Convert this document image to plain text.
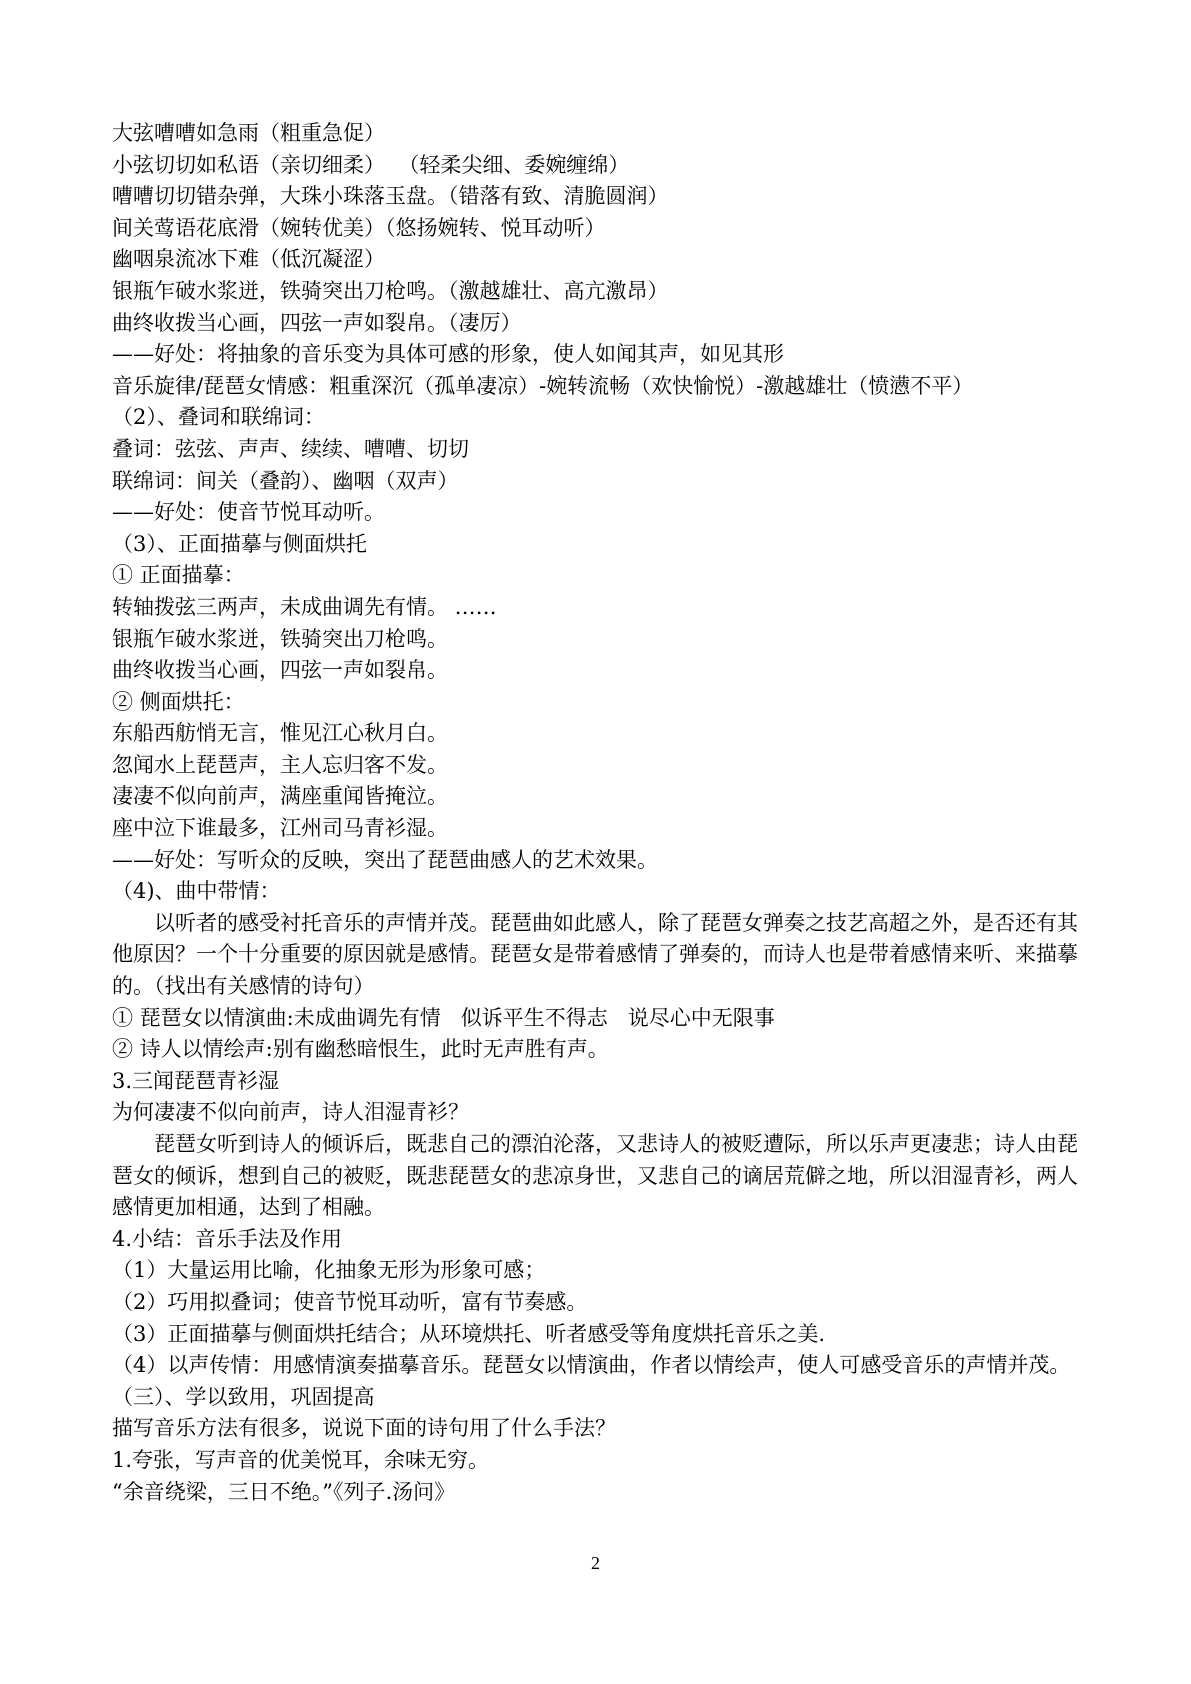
大弦嘈嘈如急雨（粗重急促）
小弦切切如私语（亲切细柔）  （轻柔尖细、委婉缠绵）
嘈嘈切切错杂弹，大珠小珠落玉盘。（错落有致、清脆圆润）
间关莺语花底滑（婉转优美）（悠扬婉转、悦耳动听）
幽咽泉流冰下难（低沉凝涩）
银瓶乍破水浆迸，铁骑突出刀枪鸣。（激越雄壮、高亢激昂）
曲终收拨当心画，四弦一声如裂帛。（凄厉）
——好处：将抽象的音乐变为具体可感的形象，使人如闻其声，如见其形
音乐旋律/琵琶女情感：粗重深沉（孤单凄凉）-婉转流畅（欢快愉悦）-激越雄壮（愤懑不平）
（2）、叠词和联绵词：
叠词：弦弦、声声、续续、嘈嘈、切切
联绵词：间关（叠韵）、幽咽（双声）
——好处：使音节悦耳动听。
（3）、正面描摹与侧面烘托
① 正面描摹：
转轴拨弦三两声，未成曲调先有情。 ……
银瓶乍破水浆迸，铁骑突出刀枪鸣。
曲终收拨当心画，四弦一声如裂帛。
② 侧面烘托：
东船西舫悄无言，惟见江心秋月白。
忽闻水上琵琶声，主人忘归客不发。
凄凄不似向前声，满座重闻皆掩泣。
座中泣下谁最多，江州司马青衫湿。
——好处：写听众的反映，突出了琵琶曲感人的艺术效果。
（4)、曲中带情：
以听者的感受衬托音乐的声情并茂。琵琶曲如此感人，除了琵琶女弹奏之技艺高超之外，是否还有其他原因？一个十分重要的原因就是感情。琵琶女是带着感情了弹奏的，而诗人也是带着感情来听、来描摹的。（找出有关感情的诗句）
① 琵琶女以情演曲:未成曲调先有情   似诉平生不得志   说尽心中无限事
② 诗人以情绘声:别有幽愁暗恨生，此时无声胜有声。
3.三闻琵琶青衫湿
为何凄凄不似向前声，诗人泪湿青衫？
琵琶女听到诗人的倾诉后，既悲自己的漂泊沦落，又悲诗人的被贬遭际，所以乐声更凄悲；诗人由琵琶女的倾诉，想到自己的被贬，既悲琵琶女的悲凉身世，又悲自己的谪居荒僻之地，所以泪湿青衫，两人感情更加相通，达到了相融。
4.小结：音乐手法及作用
（1）大量运用比喻，化抽象无形为形象可感；
（2）巧用拟叠词；使音节悦耳动听，富有节奏感。
（3）正面描摹与侧面烘托结合；从环境烘托、听者感受等角度烘托音乐之美.
（4）以声传情：用感情演奏描摹音乐。琵琶女以情演曲，作者以情绘声，使人可感受音乐的声情并茂。
（三）、学以致用，巩固提高
描写音乐方法有很多，说说下面的诗句用了什么手法？
1.夸张，写声音的优美悦耳，余味无穷。
“余音绕梁，三日不绝。”《列子.汤问》
2
